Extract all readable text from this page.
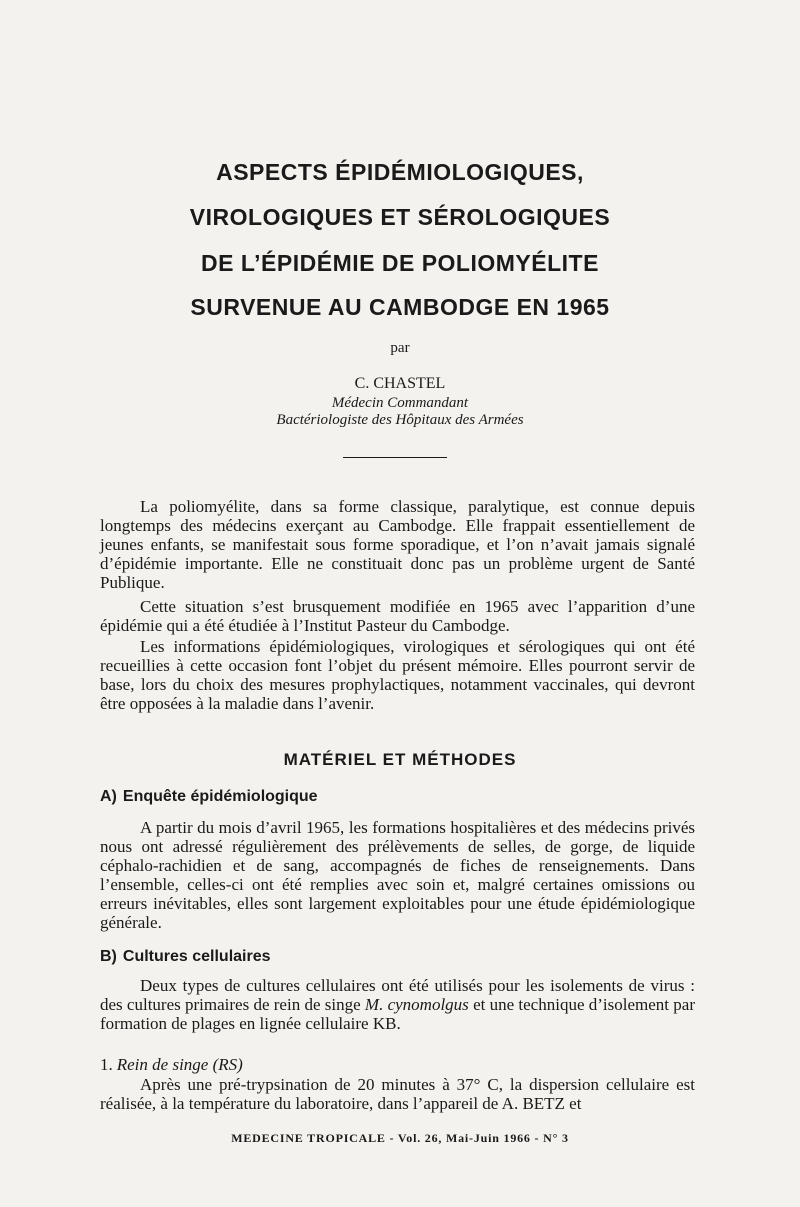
ASPECTS ÉPIDÉMIOLOGIQUES,
VIROLOGIQUES ET SÉROLOGIQUES
DE L’ÉPIDÉMIE DE POLIOMYÉLITE
SURVENUE AU CAMBODGE EN 1965
par
C. CHASTEL
Médecin Commandant
Bactériologiste des Hôpitaux des Armées

La poliomyélite, dans sa forme classique, paralytique, est connue depuis longtemps des médecins exerçant au Cambodge. Elle frappait essentiellement de jeunes enfants, se manifestait sous forme sporadique, et l’on n’avait jamais signalé d’épidémie importante. Elle ne constituait donc pas un problème urgent de Santé Publique.

Cette situation s’est brusquement modifiée en 1965 avec l’apparition d’une épidémie qui a été étudiée à l’Institut Pasteur du Cambodge.

Les informations épidémiologiques, virologiques et sérologiques qui ont été recueillies à cette occasion font l’objet du présent mémoire. Elles pourront servir de base, lors du choix des mesures prophylactiques, notamment vaccinales, qui devront être opposées à la maladie dans l’avenir.

MATÉRIEL ET MÉTHODES
A) Enquête épidémiologique

A partir du mois d’avril 1965, les formations hospitalières et des médecins privés nous ont adressé régulièrement des prélèvements de selles, de gorge, de liquide céphalo-rachidien et de sang, accompagnés de fiches de renseignements. Dans l’ensemble, celles-ci ont été remplies avec soin et, malgré certaines omissions ou erreurs inévitables, elles sont largement exploitables pour une étude épidémiologique générale.

B) Cultures cellulaires

Deux types de cultures cellulaires ont été utilisés pour les isolements de virus : des cultures primaires de rein de singe M. cynomolgus et une technique d’isolement par formation de plages en lignée cellulaire KB.

1. Rein de singe (RS)

Après une pré-trypsination de 20 minutes à 37° C, la dispersion cellulaire est réalisée, à la température du laboratoire, dans l’appareil de A. BETZ et

MEDECINE TROPICALE - Vol. 26, Mai-Juin 1966 - N° 3
